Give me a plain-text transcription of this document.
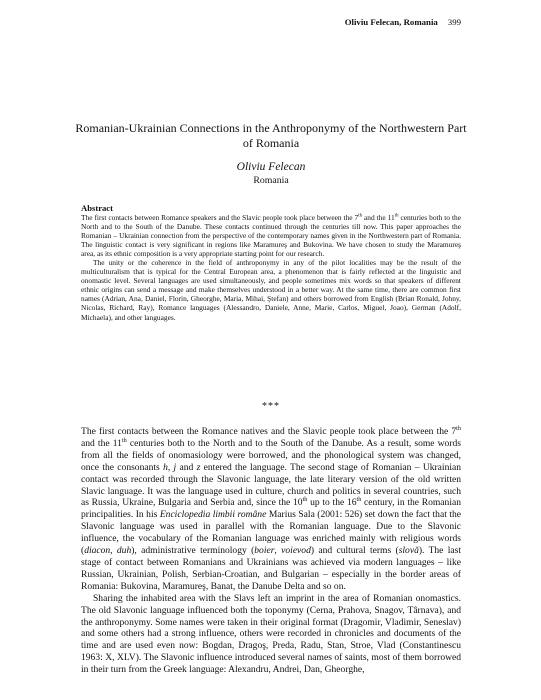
Oliviu Felecan, Romania 399
Romanian-Ukrainian Connections in the Anthroponymy of the Northwestern Part of Romania
Oliviu Felecan
Romania
Abstract

The first contacts between Romance speakers and the Slavic people took place between the 7th and the 11th centuries both to the North and to the South of the Danube. These contacts continued through the centuries till now. This paper approaches the Romanian – Ukrainian connection from the perspective of the contemporary names given in the Northwestern part of Romania. The linguistic contact is very significant in regions like Maramureş and Bukovina. We have chosen to study the Maramureş area, as its ethnic composition is a very appropriate starting point for our research.

The unity or the coherence in the field of anthroponymy in any of the pilot localities may be the result of the multiculturalism that is typical for the Central European area, a phenomenon that is fairly reflected at the linguistic and onomastic level. Several languages are used simultaneously, and people sometimes mix words so that speakers of different ethnic origins can send a message and make themselves understood in a better way. At the same time, there are common first names (Adrian, Ana, Daniel, Florin, Gheorghe, Maria, Mihai, Ştefan) and others borrowed from English (Brian Ronald, Johny, Nicolas, Richard, Ray), Romance languages (Alessandro, Daniele, Anne, Marie, Carlos, Miguel, Joao), German (Adolf, Michaela), and other languages.

***

The first contacts between the Romance natives and the Slavic people took place between the 7th and the 11th centuries both to the North and to the South of the Danube. As a result, some words from all the fields of onomasiology were borrowed, and the phonological system was changed, once the consonants h, j and z entered the language. The second stage of Romanian – Ukrainian contact was recorded through the Slavonic language, the late literary version of the old written Slavic language. It was the language used in culture, church and politics in several countries, such as Russia, Ukraine, Bulgaria and Serbia and, since the 10th up to the 16th century, in the Romanian principalities. In his Enciclopedia limbii române Marius Sala (2001: 526) set down the fact that the Slavonic language was used in parallel with the Romanian language. Due to the Slavonic influence, the vocabulary of the Romanian language was enriched mainly with religious words (diacon, duh), administrative terminology (boier, voievod) and cultural terms (slovă). The last stage of contact between Romanians and Ukrainians was achieved via modern languages – like Russian, Ukrainian, Polish, Serbian-Croatian, and Bulgarian – especially in the border areas of Romania: Bukovina, Maramureş, Banat, the Danube Delta and so on.

Sharing the inhabited area with the Slavs left an imprint in the area of Romanian onomastics. The old Slavonic language influenced both the toponymy (Cerna, Prahova, Snagov, Târnava), and the anthroponymy. Some names were taken in their original format (Dragomir, Vladimir, Seneslav) and some others had a strong influence, others were recorded in chronicles and documents of the time and are used even now: Bogdan, Dragoş, Preda, Radu, Stan, Stroe, Vlad (Constantinescu 1963: X, XLV). The Slavonic influence introduced several names of saints, most of them borrowed in their turn from the Greek language: Alexandru, Andrei, Dan, Gheorghe,
